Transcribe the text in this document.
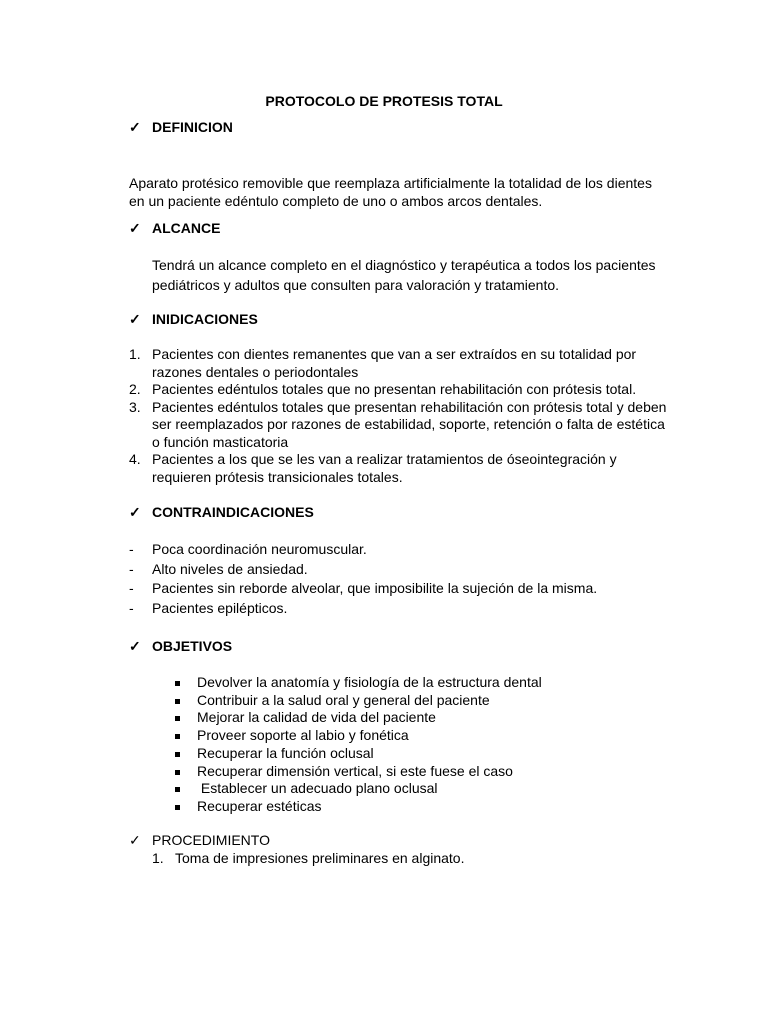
PROTOCOLO DE PROTESIS TOTAL
✓ DEFINICION
Aparato protésico removible que reemplaza artificialmente la totalidad de los dientes
en un paciente edéntulo completo de uno o ambos arcos dentales.
✓ ALCANCE
Tendrá un alcance completo en el diagnóstico y terapéutica a todos los pacientes
pediátricos y adultos que consulten para valoración y tratamiento.
✓ INIDICACIONES
1. Pacientes con dientes remanentes que van a ser extraídos en su totalidad por
razones dentales o periodontales
2. Pacientes edéntulos totales que no presentan rehabilitación con prótesis total.
3. Pacientes edéntulos totales que presentan rehabilitación con prótesis total y deben
ser reemplazados por razones de estabilidad, soporte, retención o falta de estética
o función masticatoria
4. Pacientes a los que se les van a realizar tratamientos de óseointegración y
requieren prótesis transicionales totales.
✓ CONTRAINDICACIONES
- Poca coordinación neuromuscular.
- Alto niveles de ansiedad.
- Pacientes sin reborde alveolar, que imposibilite la sujeción de la misma.
- Pacientes epilépticos.
✓ OBJETIVOS
Devolver la anatomía y fisiología de la estructura dental
Contribuir a la salud oral y general del paciente
Mejorar la calidad de vida del paciente
Proveer soporte al labio y fonética
Recuperar la función oclusal
Recuperar dimensión vertical, si este fuese el caso
Establecer un adecuado plano oclusal
Recuperar estéticas
✓ PROCEDIMIENTO
1. Toma de impresiones preliminares en alginato.
